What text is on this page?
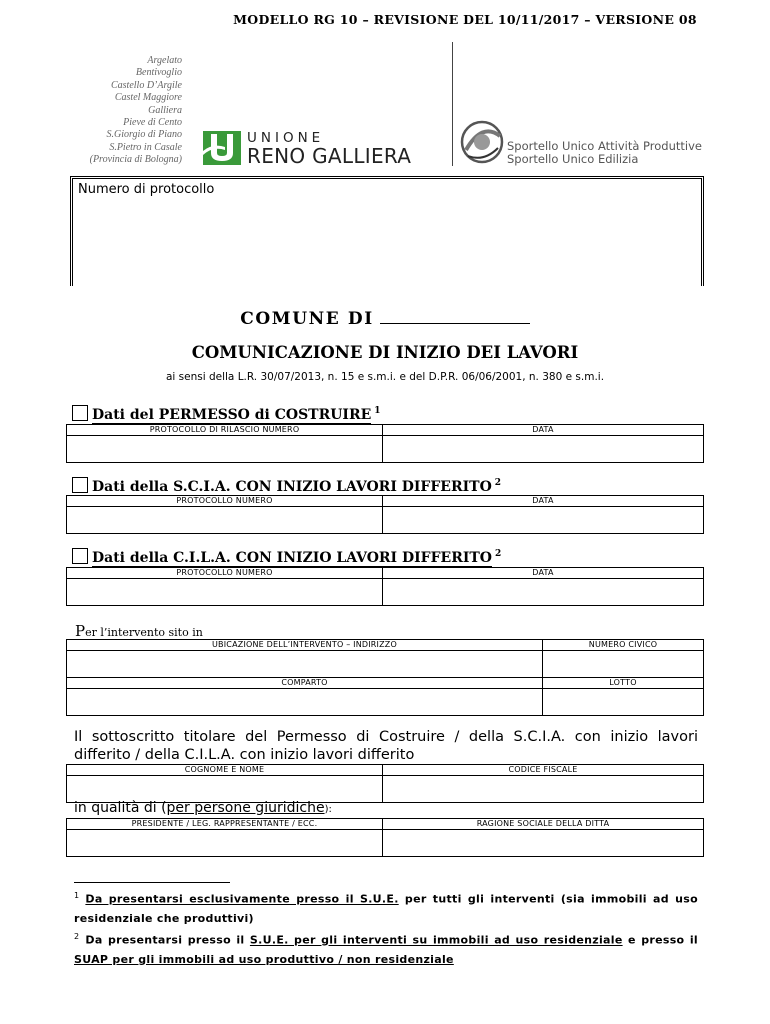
MODELLO RG 10 – REVISIONE DEL 10/11/2017 – VERSIONE 08
Argelato
Bentivoglio
Castello D’Argile
Castel Maggiore
Galliera
Pieve di Cento
S.Giorgio di Piano
S.Pietro in Casale
(Provincia di Bologna)
UNIONE
RENO GALLIERA	Sportello Unico Attività Produttive
Sportello Unico Edilizia
Numero di protocollo
COMUNE DI
COMUNICAZIONE DI INIZIO DEI LAVORI
ai sensi della L.R. 30/07/2013, n. 15 e s.m.i. e del D.P.R. 06/06/2001, n. 380 e s.m.i.
Dati del PERMESSO di COSTRUIRE $^1$
PROTOCOLLO DI RILASCIO NUMERO	DATA

Dati della S.C.I.A. CON INIZIO LAVORI DIFFERITO $^2$
PROTOCOLLO NUMERO	DATA

Dati della C.I.L.A. CON INIZIO LAVORI DIFFERITO $^2$
PROTOCOLLO NUMERO	DATA

Per l’intervento sito in
UBICAZIONE DELL’INTERVENTO – INDIRIZZO	NUMERO CIVICO

COMPARTO	LOTTO

Il sottoscritto titolare del Permesso di Costruire / della S.C.I.A. con inizio lavori differito / della C.I.L.A. con inizio lavori differito
COGNOME E NOME	CODICE FISCALE

in qualità di (per persone giuridiche):
PRESIDENTE / LEG. RAPPRESENTANTE / ECC.	RAGIONE SOCIALE DELLA DITTA

$^1$ Da presentarsi esclusivamente presso il S.U.E. per tutti gli interventi (sia immobili ad uso residenziale che produttivi)
$^2$ Da presentarsi presso il S.U.E. per gli interventi su immobili ad uso residenziale e presso il SUAP per gli immobili ad uso produttivo / non residenziale
